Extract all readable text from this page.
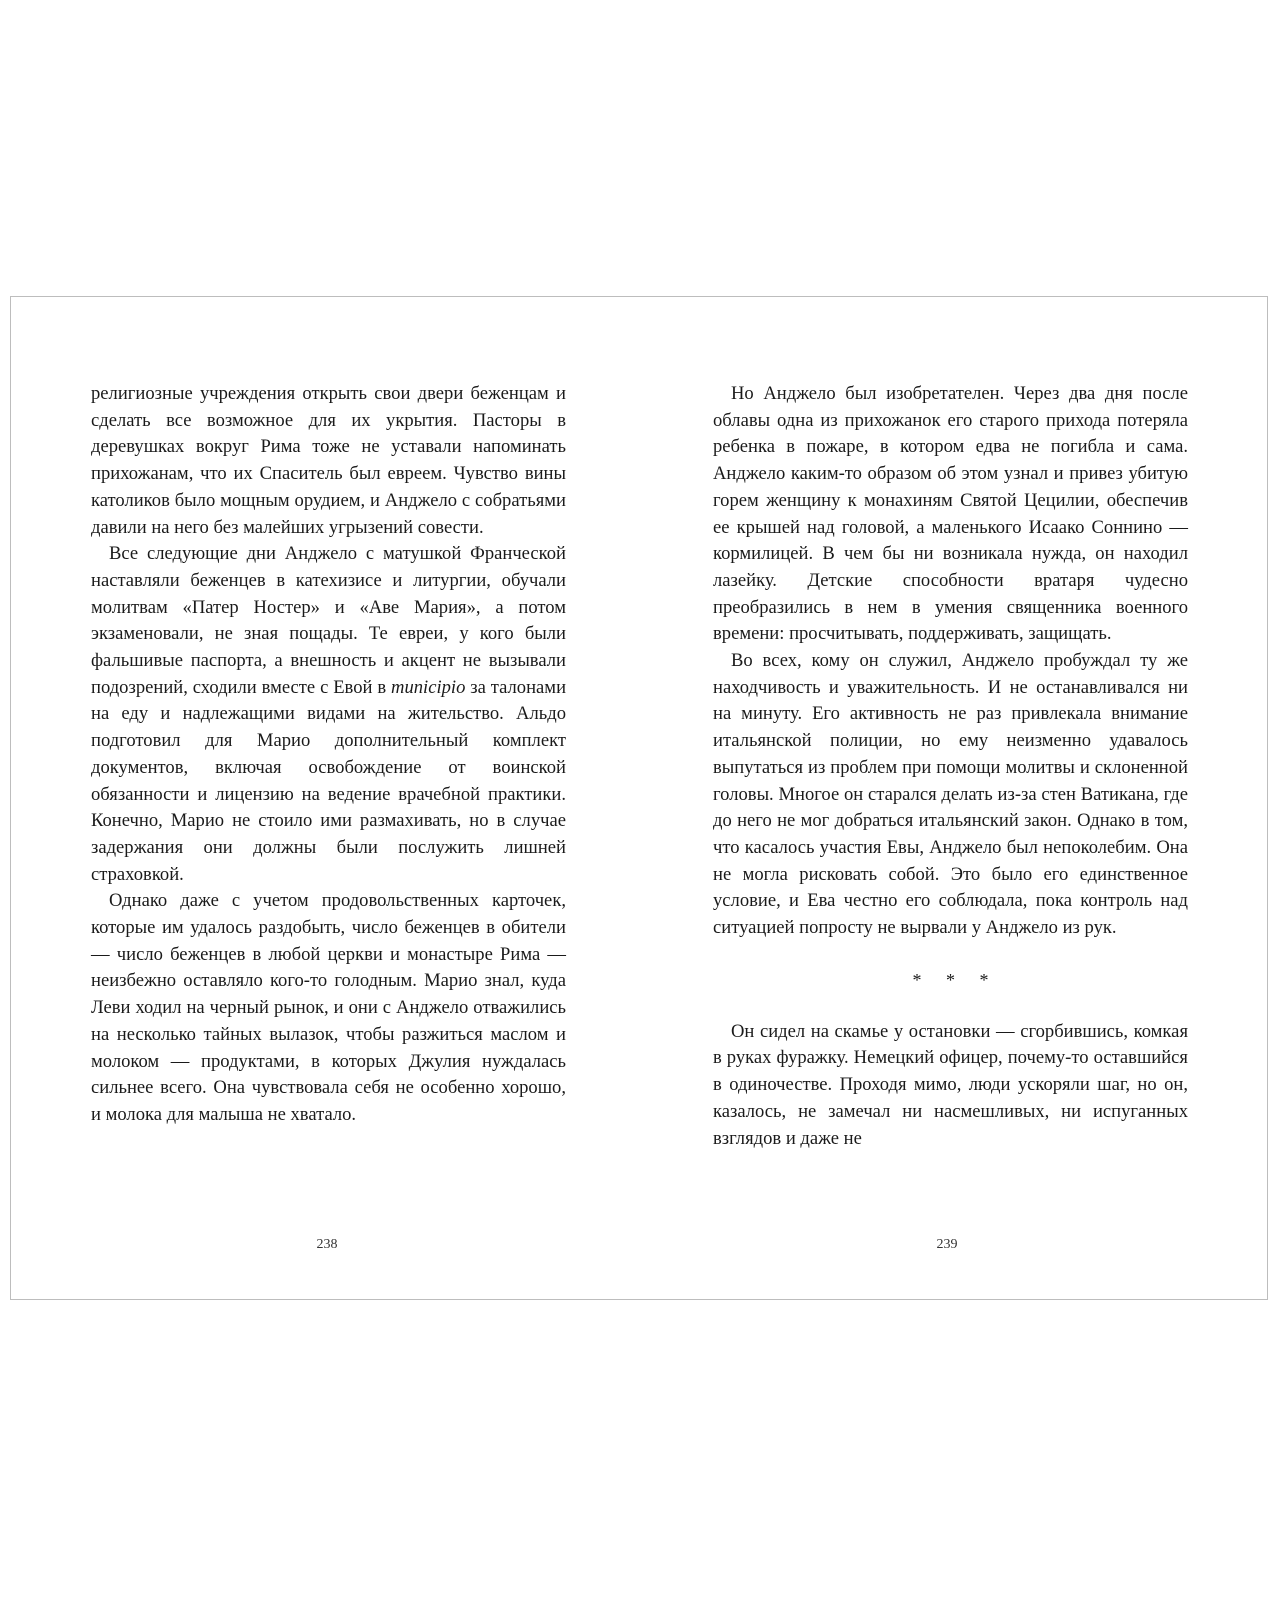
религиозные учреждения открыть свои двери беженцам и сделать все возможное для их укрытия. Пасторы в деревушках вокруг Рима тоже не уставали напоминать прихожанам, что их Спаситель был евреем. Чувство вины католиков было мощным орудием, и Анджело с собратьями давили на него без малейших угрызений совести.

Все следующие дни Анджело с матушкой Франческой наставляли беженцев в катехизисе и литургии, обучали молитвам «Патер Ностер» и «Аве Мария», а потом экзаменовали, не зная пощады. Те евреи, у кого были фальшивые паспорта, а внешность и акцент не вызывали подозрений, сходили вместе с Евой в municipio за талонами на еду и надлежащими видами на жительство. Альдо подготовил для Марио дополнительный комплект документов, включая освобождение от воинской обязанности и лицензию на ведение врачебной практики. Конечно, Марио не стоило ими размахивать, но в случае задержания они должны были послужить лишней страховкой.

Однако даже с учетом продовольственных карточек, которые им удалось раздобыть, число беженцев в обители — число беженцев в любой церкви и монастыре Рима — неизбежно оставляло кого-то голодным. Марио знал, куда Леви ходил на черный рынок, и они с Анджело отважились на несколько тайных вылазок, чтобы разжиться маслом и молоком — продуктами, в которых Джулия нуждалась сильнее всего. Она чувствовала себя не особенно хорошо, и молока для малыша не хватало.

Но Анджело был изобретателен. Через два дня после облавы одна из прихожанок его старого прихода потеряла ребенка в пожаре, в котором едва не погибла и сама. Анджело каким-то образом об этом узнал и привез убитую горем женщину к монахиням Святой Цецилии, обеспечив ее крышей над головой, а маленького Исаако Соннино — кормилицей. В чем бы ни возникала нужда, он находил лазейку. Детские способности вратаря чудесно преобразились в нем в умения священника военного времени: просчитывать, поддерживать, защищать.

Во всех, кому он служил, Анджело пробуждал ту же находчивость и уважительность. И не останавливался ни на минуту. Его активность не раз привлекала внимание итальянской полиции, но ему неизменно удавалось выпутаться из проблем при помощи молитвы и склоненной головы. Многое он старался делать из-за стен Ватикана, где до него не мог добраться итальянский закон. Однако в том, что касалось участия Евы, Анджело был непоколебим. Она не могла рисковать собой. Это было его единственное условие, и Ева честно его соблюдала, пока контроль над ситуацией попросту не вырвали у Анджело из рук.

* * *

Он сидел на скамье у остановки — сгорбившись, комкая в руках фуражку. Немецкий офицер, почему-то оставшийся в одиночестве. Проходя мимо, люди ускоряли шаг, но он, казалось, не замечал ни насмешливых, ни испуганных взглядов и даже не

238	239
